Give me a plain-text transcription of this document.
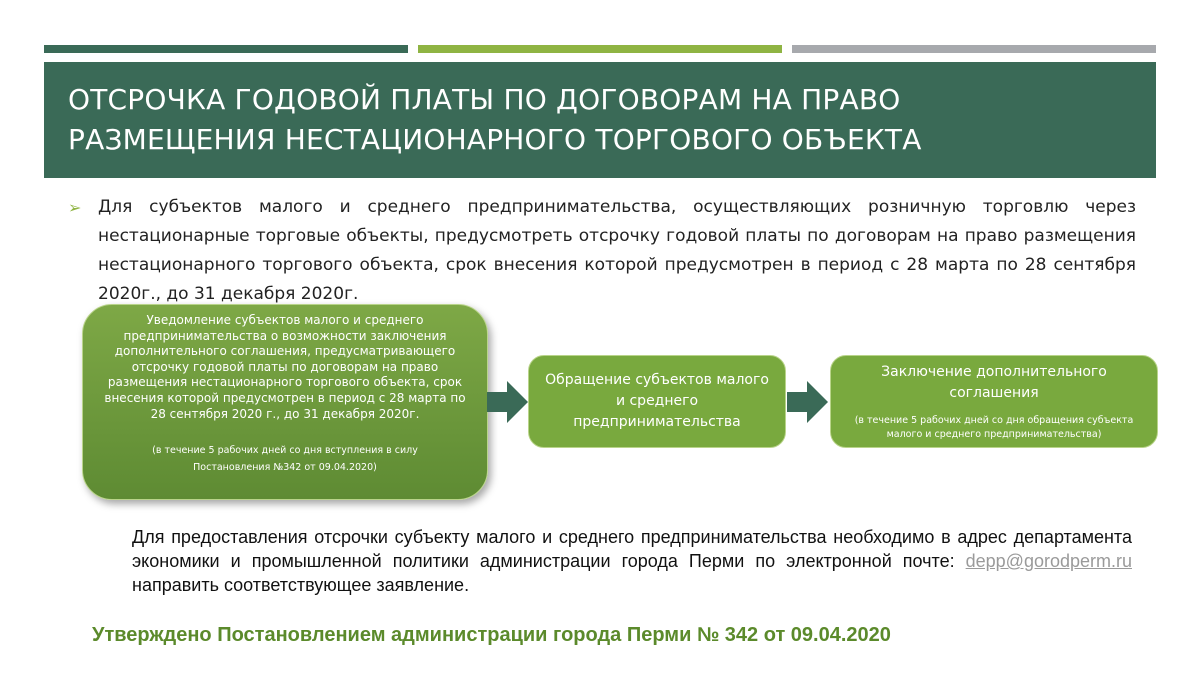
ОТСРОЧКА ГОДОВОЙ ПЛАТЫ ПО ДОГОВОРАМ НА ПРАВО
РАЗМЕЩЕНИЯ НЕСТАЦИОНАРНОГО ТОРГОВОГО ОБЪЕКТА
➢ Для субъектов малого и среднего предпринимательства, осуществляющих розничную торговлю через нестационарные торговые объекты, предусмотреть отсрочку годовой платы по договорам на право размещения нестационарного торгового объекта, срок внесения которой предусмотрен в период с 28 марта по 28 сентября 2020г., до 31 декабря 2020г.

Уведомление субъектов малого и среднего предпринимательства о возможности заключения дополнительного соглашения, предусматривающего отсрочку годовой платы по договорам на право размещения нестационарного торгового объекта, срок внесения которой предусмотрен в период с 28 марта по 28 сентября 2020 г., до 31 декабря 2020г.
(в течение 5 рабочих дней со дня вступления в силу
Постановления №342 от 09.04.2020)
Обращение субъектов малого и среднего предпринимательства
Заключение дополнительного соглашения
(в течение 5 рабочих дней со дня обращения субъекта малого и среднего предпринимательства)

Для предоставления отсрочки субъекту малого и среднего предпринимательства необходимо в адрес департамента экономики и промышленной политики администрации города Перми по электронной почте: depp@gorodperm.ru направить соответствующее заявление.

Утверждено Постановлением администрации города Перми № 342 от 09.04.2020
